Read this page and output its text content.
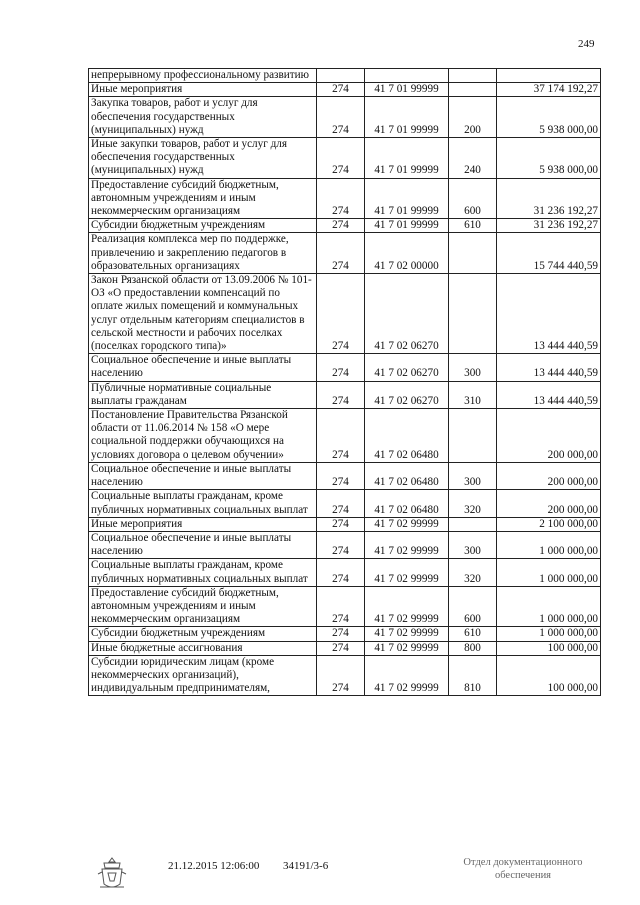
249
непрерывному профессиональному развитию				
Иные мероприятия	274	41 7 01 99999		37 174 192,27
Закупка товаров, работ и услуг для обеспечения государственных (муниципальных) нужд	274	41 7 01 99999	200	5 938 000,00
Иные закупки товаров, работ и услуг для обеспечения государственных (муниципальных) нужд	274	41 7 01 99999	240	5 938 000,00
Предоставление субсидий бюджетным, автономным учреждениям и иным некоммерческим организациям	274	41 7 01 99999	600	31 236 192,27
Субсидии бюджетным учреждениям	274	41 7 01 99999	610	31 236 192,27
Реализация комплекса мер по поддержке, привлечению и закреплению педагогов в образовательных организациях	274	41 7 02 00000		15 744 440,59
Закон Рязанской области от 13.09.2006 № 101-ОЗ «О предоставлении компенсаций по оплате жилых помещений и коммунальных услуг отдельным категориям специалистов в сельской местности и рабочих поселках (поселках городского типа)»	274	41 7 02 06270		13 444 440,59
Социальное обеспечение и иные выплаты населению	274	41 7 02 06270	300	13 444 440,59
Публичные нормативные социальные выплаты гражданам	274	41 7 02 06270	310	13 444 440,59
Постановление Правительства Рязанской области от 11.06.2014 № 158 «О мере социальной поддержки обучающихся на условиях договора о целевом обучении»	274	41 7 02 06480		200 000,00
Социальное обеспечение и иные выплаты населению	274	41 7 02 06480	300	200 000,00
Социальные выплаты гражданам, кроме публичных нормативных социальных выплат	274	41 7 02 06480	320	200 000,00
Иные мероприятия	274	41 7 02 99999		2 100 000,00
Социальное обеспечение и иные выплаты населению	274	41 7 02 99999	300	1 000 000,00
Социальные выплаты гражданам, кроме публичных нормативных социальных выплат	274	41 7 02 99999	320	1 000 000,00
Предоставление субсидий бюджетным, автономным учреждениям и иным некоммерческим организациям	274	41 7 02 99999	600	1 000 000,00
Субсидии бюджетным учреждениям	274	41 7 02 99999	610	1 000 000,00
Иные бюджетные ассигнования	274	41 7 02 99999	800	100 000,00
Субсидии юридическим лицам (кроме некоммерческих организаций), индивидуальным предпринимателям,	274	41 7 02 99999	810	100 000,00
21.12.2015 12:06:00 34191/3-6	Отдел документационного
обеспечения
